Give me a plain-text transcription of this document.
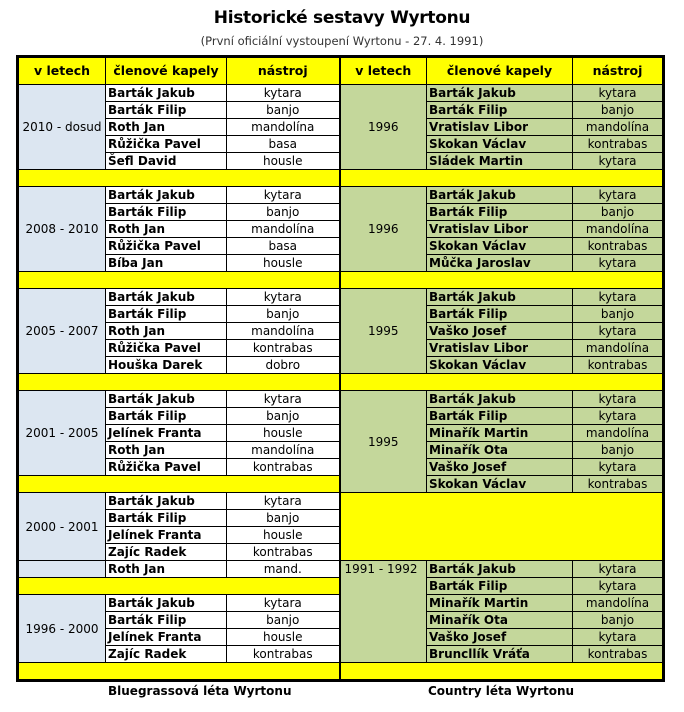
Historické sestavy Wyrtonu
(První oficiální vystoupení Wyrtonu - 27. 4. 1991)
v letech	členové kapely	nástroj	v letech	členové kapely	nástroj
2010 - dosud	Barták Jakub	kytara	1996	Barták Jakub	kytara
	Barták Filip	banjo		Barták Filip	banjo
	Roth Jan	mandolína		Vratislav Libor	mandolína
	Růžička Pavel	basa		Skokan Václav	kontrabas
	Šefl David	housle		Sládek Martin	kytara

2008 - 2010	Barták Jakub	kytara	1996	Barták Jakub	kytara
	Barták Filip	banjo		Barták Filip	banjo
	Roth Jan	mandolína		Vratislav Libor	mandolína
	Růžička Pavel	basa		Skokan Václav	kontrabas
	Bíba Jan	housle		Můčka Jaroslav	kytara

2005 - 2007	Barták Jakub	kytara	1995	Barták Jakub	kytara
	Barták Filip	banjo		Barták Filip	banjo
	Roth Jan	mandolína		Vaško Josef	kytara
	Růžička Pavel	kontrabas		Vratislav Libor	mandolína
	Houška Darek	dobro		Skokan Václav	kontrabas

2001 - 2005	Barták Jakub	kytara	1995	Barták Jakub	kytara
	Barták Filip	banjo		Barták Filip	kytara
	Jelínek Franta	housle		Minařík Martin	mandolína
	Roth Jan	mandolína		Minařík Ota	banjo
	Růžička Pavel	kontrabas		Vaško Josef	kytara
				Skokan Václav	kontrabas
2000 - 2001	Barták Jakub	kytara			
	Barták Filip	banjo			
	Jelínek Franta	housle			
	Zajíc Radek	kontrabas			
	Roth Jan	mand.	1991 - 1992	Barták Jakub	kytara
				Barták Filip	kytara
1996 - 2000	Barták Jakub	kytara		Minařík Martin	mandolína
	Barták Filip	banjo		Minařík Ota	banjo
	Jelínek Franta	housle		Vaško Josef	kytara
	Zajíc Radek	kontrabas		Bruncllík Vráťa	kontrabas

Bluegrassová léta Wyrtonu	Country léta Wyrtonu
